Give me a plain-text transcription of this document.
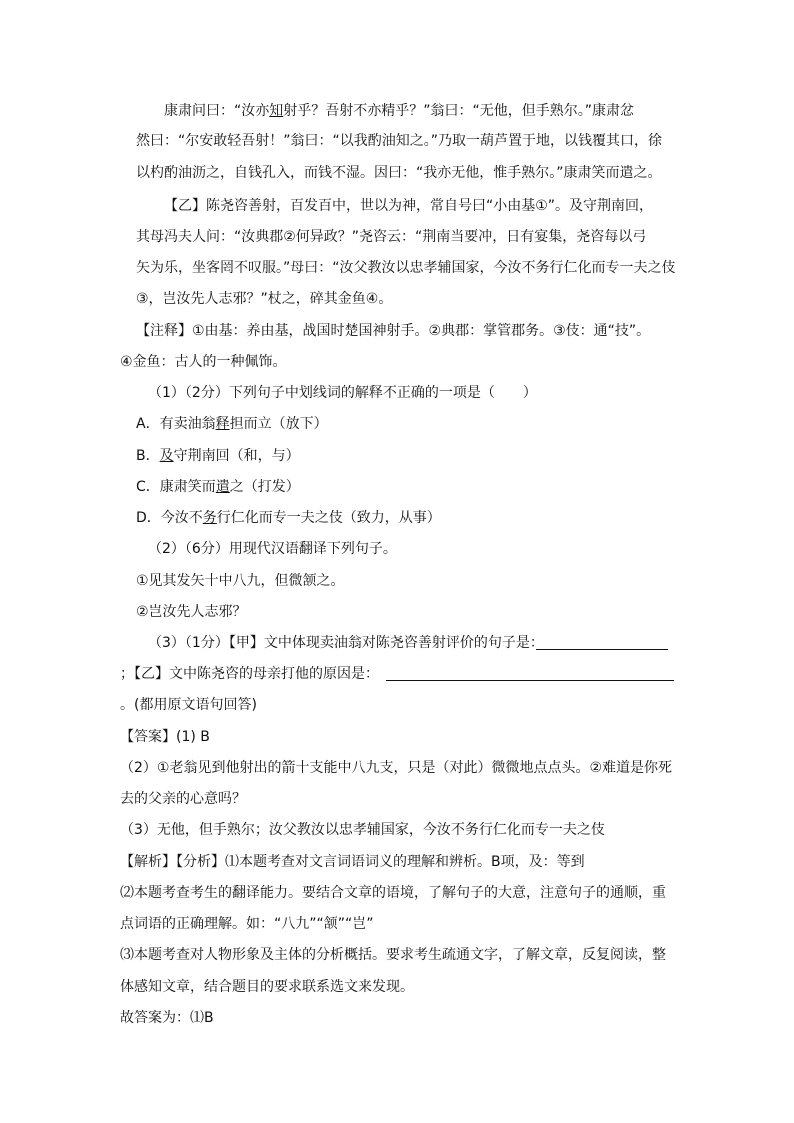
康肃问曰：“汝亦知射乎？吾射不亦精乎？”翁曰：“无他，但手熟尔。”康肃忿
然曰：“尔安敢轻吾射！”翁曰：“以我酌油知之。”乃取一葫芦置于地，以钱覆其口，徐
以杓酌油沥之，自钱孔入，而钱不湿。因曰：“我亦无他，惟手熟尔。”康肃笑而遣之。
【乙】陈尧咨善射，百发百中，世以为神，常自号曰“小由基①”。及守荆南回，
其母冯夫人问：“汝典郡②何异政？”尧咨云：“荆南当要冲，日有宴集，尧咨每以弓
矢为乐，坐客罔不叹服。”母曰：“汝父教汝以忠孝辅国家，今汝不务行仁化而专一夫之伎
③，岂汝先人志邪？”杖之，碎其金鱼④。
【注释】①由基：养由基，战国时楚国神射手。②典郡：掌管郡务。③伎：通“技”。
④金鱼：古人的一种佩饰。
（1）（2分）下列句子中划线词的解释不正确的一项是（　　）
A．有卖油翁释担而立（放下）
B．及守荆南回（和，与）
C．康肃笑而遣之（打发）
D．今汝不务行仁化而专一夫之伎（致力，从事）
（2）（6分）用现代汉语翻译下列句子。
①见其发矢十中八九，但微颔之。
②岂汝先人志邪？
（3）（1分）【甲】文中体现卖油翁对陈尧咨善射评价的句子是：
；【乙】文中陈尧咨的母亲打他的原因是：
。(都用原文语句回答)
【答案】(1) B
（2）①老翁见到他射出的箭十支能中八九支，只是（对此）微微地点点头。②难道是你死
去的父亲的心意吗？
（3）无他，但手熟尔；汝父教汝以忠孝辅国家，今汝不务行仁化而专一夫之伎
【解析】【分析】⑴本题考查对文言词语词义的理解和辨析。B项，及：等到
⑵本题考查考生的翻译能力。要结合文章的语境，了解句子的大意，注意句子的通顺，重
点词语的正确理解。如：“八九”“颔”“岂”
⑶本题考查对人物形象及主体的分析概括。要求考生疏通文字，了解文章，反复阅读，整
体感知文章，结合题目的要求联系选文来发现。
故答案为：⑴B
